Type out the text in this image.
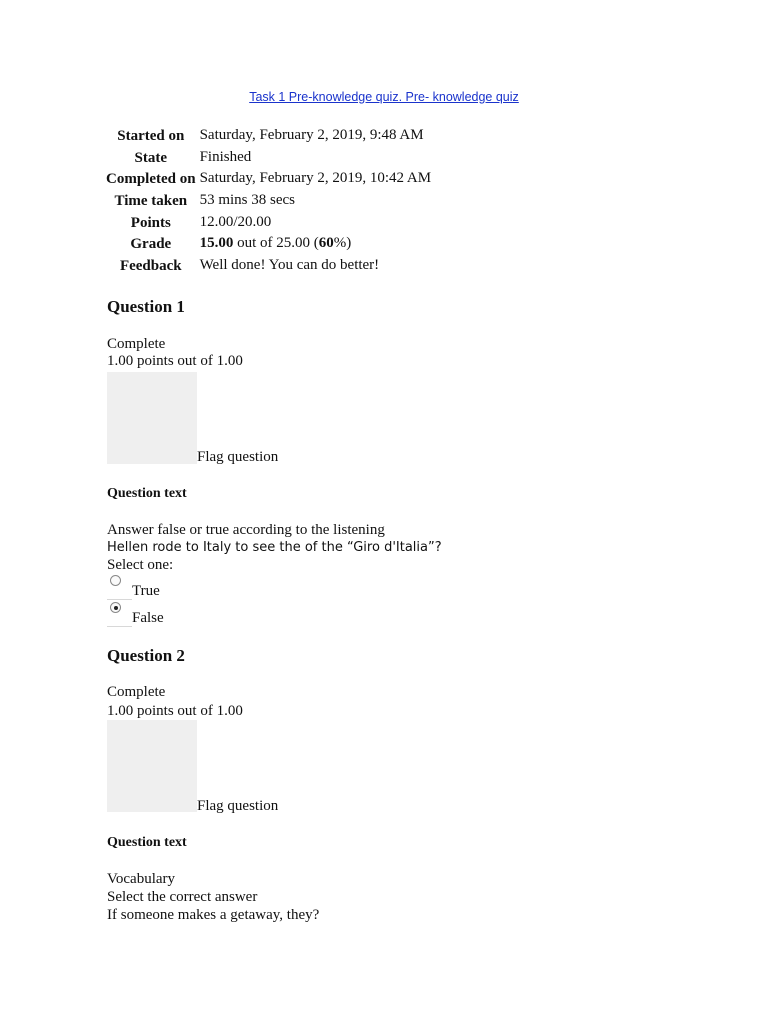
Task 1 Pre-knowledge quiz. Pre- knowledge quiz
Started on	Saturday, February 2, 2019, 9:48 AM
State	Finished
Completed on	Saturday, February 2, 2019, 10:42 AM
Time taken	53 mins 38 secs
Points	12.00/20.00
Grade	15.00 out of 25.00 (60%)
Feedback	Well done! You can do better!
Question 1
Complete
1.00 points out of 1.00
Flag question
Question text
Answer false or true according to the listening
Hellen rode to Italy to see the of the “Giro d'Italia”?
Select one:
True
False
Question 2
Complete
1.00 points out of 1.00
Flag question
Question text
Vocabulary
Select the correct answer
If someone makes a getaway, they?
